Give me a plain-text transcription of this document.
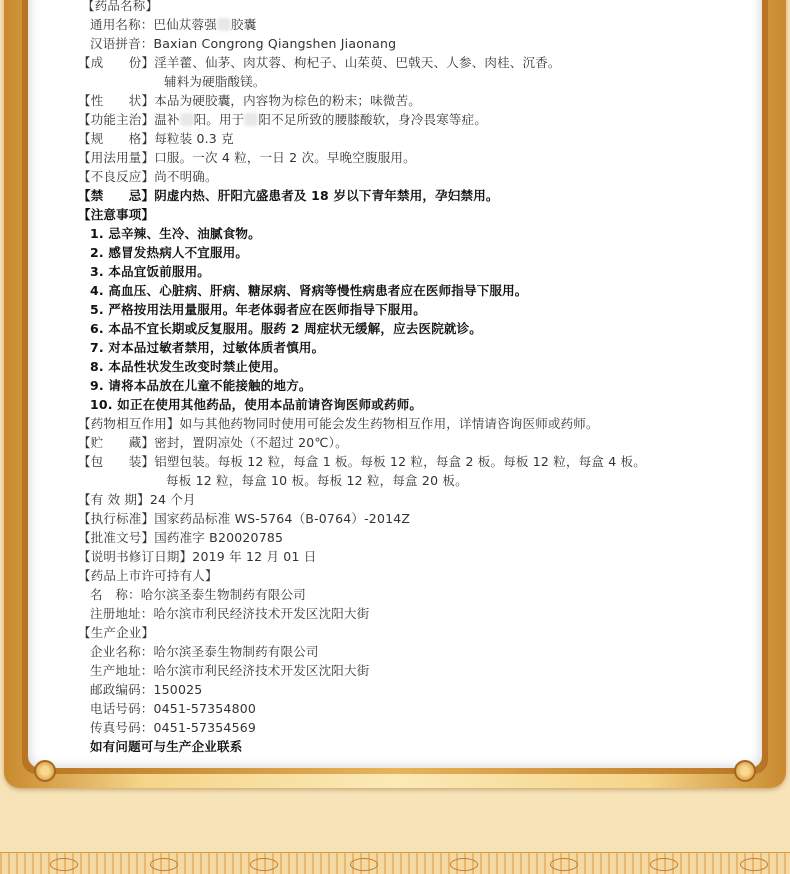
【药品名称】
通用名称：巴仙苁蓉强 胶囊
汉语拼音：Baxian Congrong Qiangshen Jiaonang
【成　　份】淫羊藿、仙茅、肉苁蓉、枸杞子、山茱萸、巴戟天、人参、肉桂、沉香。
辅料为硬脂酸镁。
【性　　状】本品为硬胶囊，内容物为棕色的粉末；味微苦。
【功能主治】温补 阳。用于 阳不足所致的腰膝酸软，身冷畏寒等症。
【规　　格】每粒装 0.3 克
【用法用量】口服。一次 4 粒，一日 2 次。早晚空腹服用。
【不良反应】尚不明确。
【禁　　忌】阴虚内热、肝阳亢盛患者及 18 岁以下青年禁用，孕妇禁用。
【注意事项】
1. 忌辛辣、生冷、油腻食物。
2. 感冒发热病人不宜服用。
3. 本品宜饭前服用。
4. 高血压、心脏病、肝病、糖尿病、肾病等慢性病患者应在医师指导下服用。
5. 严格按用法用量服用。年老体弱者应在医师指导下服用。
6. 本品不宜长期或反复服用。服药 2 周症状无缓解，应去医院就诊。
7. 对本品过敏者禁用，过敏体质者慎用。
8. 本品性状发生改变时禁止使用。
9. 请将本品放在儿童不能接触的地方。
10. 如正在使用其他药品，使用本品前请咨询医师或药师。
【药物相互作用】如与其他药物同时使用可能会发生药物相互作用，详情请咨询医师或药师。
【贮　　藏】密封，置阴凉处（不超过 20℃）。
【包　　装】铝塑包装。每板 12 粒，每盒 1 板。每板 12 粒，每盒 2 板。每板 12 粒，每盒 4 板。
每板 12 粒，每盒 10 板。每板 12 粒，每盒 20 板。
【有 效 期】24 个月
【执行标准】国家药品标准 WS-5764（B-0764）-2014Z
【批准文号】国药准字 B20020785
【说明书修订日期】2019 年 12 月 01 日
【药品上市许可持有人】
名　称：哈尔滨圣泰生物制药有限公司
注册地址：哈尔滨市利民经济技术开发区沈阳大街
【生产企业】
企业名称：哈尔滨圣泰生物制药有限公司
生产地址：哈尔滨市利民经济技术开发区沈阳大街
邮政编码：150025
电话号码：0451-57354800
传真号码：0451-57354569
如有问题可与生产企业联系
